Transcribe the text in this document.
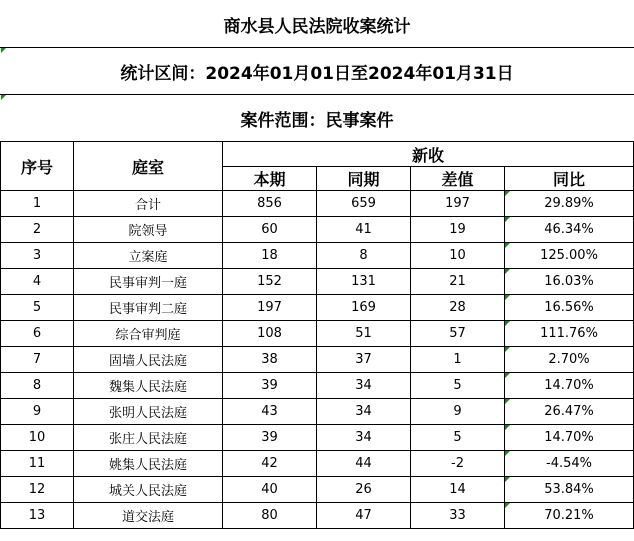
商水县人民法院收案统计					
统计区间：2024年01月01日至2024年01月31日					
案件范围：民事案件					
序号	庭室	新收			
		本期	同期	差值	同比
1	合计	856	659	197	29.89%
2	院领导	60	41	19	46.34%
3	立案庭	18	8	10	125.00%
4	民事审判一庭	152	131	21	16.03%
5	民事审判二庭	197	169	28	16.56%
6	综合审判庭	108	51	57	111.76%
7	固墙人民法庭	38	37	1	2.70%
8	魏集人民法庭	39	34	5	14.70%
9	张明人民法庭	43	34	9	26.47%
10	张庄人民法庭	39	34	5	14.70%
11	姚集人民法庭	42	44	-2	-4.54%
12	城关人民法庭	40	26	14	53.84%
13	道交法庭	80	47	33	70.21%
